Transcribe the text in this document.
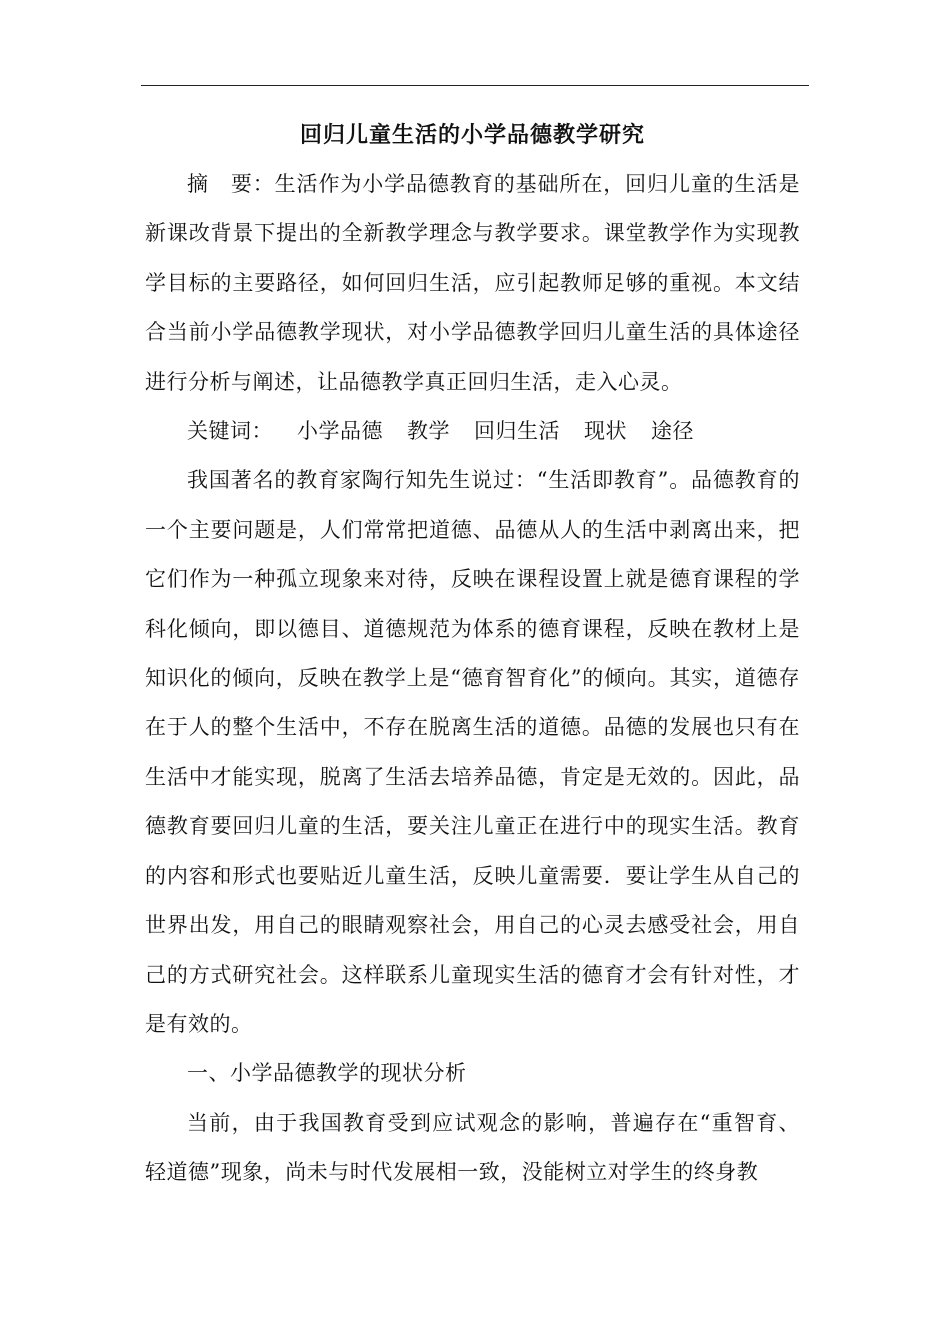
回归儿童生活的小学品德教学研究

摘　要：生活作为小学品德教育的基础所在，回归儿童的生活是新课改背景下提出的全新教学理念与教学要求。课堂教学作为实现教学目标的主要路径，如何回归生活，应引起教师足够的重视。本文结合当前小学品德教学现状，对小学品德教学回归儿童生活的具体途径进行分析与阐述，让品德教学真正回归生活，走入心灵。

关键词： 小学品德 教学 回归生活 现状 途径

我国著名的教育家陶行知先生说过：“生活即教育”。品德教育的一个主要问题是，人们常常把道德、品德从人的生活中剥离出来，把它们作为一种孤立现象来对待，反映在课程设置上就是德育课程的学科化倾向，即以德目、道德规范为体系的德育课程，反映在教材上是知识化的倾向，反映在教学上是“德育智育化”的倾向。其实，道德存在于人的整个生活中，不存在脱离生活的道德。品德的发展也只有在生活中才能实现，脱离了生活去培养品德，肯定是无效的。因此，品德教育要回归儿童的生活，要关注儿童正在进行中的现实生活。教育的内容和形式也要贴近儿童生活，反映儿童需要．要让学生从自己的世界出发，用自己的眼睛观察社会，用自己的心灵去感受社会，用自己的方式研究社会。这样联系儿童现实生活的德育才会有针对性，才是有效的。

一、小学品德教学的现状分析

当前，由于我国教育受到应试观念的影响，普遍存在“重智育、轻道德”现象，尚未与时代发展相一致，没能树立对学生的终身教
